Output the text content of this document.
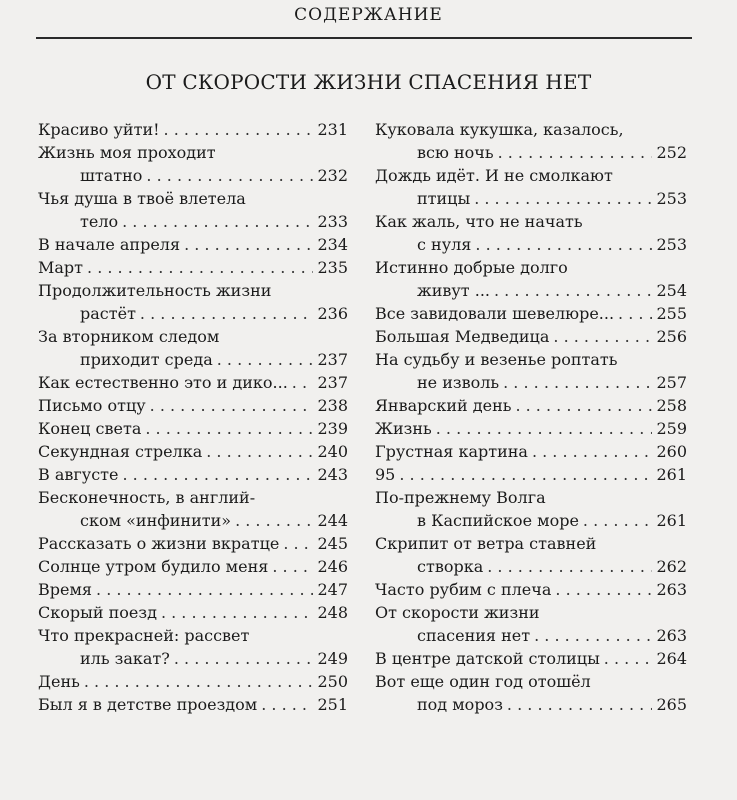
СОДЕРЖАНИЕ
ОТ СКОРОСТИ ЖИЗНИ СПАСЕНИЯ НЕТ
Красиво уйти! . . .	231
Жизнь моя проходит
штатно . . .	232
Чья душа в твоё влетела
тело . . .	233
В начале апреля . . .	234
Март . . .	235
Продолжительность жизни
растёт . . .	236
За вторником следом
приходит среда . . .	237
Как естественно это и дико... . . . 237
Письмо отцу . . .	238
Конец света . . .	239
Секундная стрелка . . .	240
В августе . . .	243
Бесконечность, в англий-
ском «инфинити» . . .	244
Рассказать о жизни вкратце . . . 245
Солнце утром будило меня . . .	246
Время . . .	247
Скорый поезд . . .	248
Что прекрасней: рассвет
иль закат? . . .	249
День . . .	250
Был я в детстве проездом . . .	251
Куковала кукушка, казалось,
всю ночь . . .	252
Дождь идёт. И не смолкают
птицы . . .	253
Как жаль, что не начать
с нуля . . .	253
Истинно добрые долго
живут ... . . .	254
Все завидовали шевелюре... . . .	255
Большая Медведица . . .	256
На судьбу и везенье роптать
не изволь . . .	257
Январский день . . .	258
Жизнь . . .	259
Грустная картина . . .	260
95 . . .	261
По-прежнему Волга
в Каспийское море . . .	261
Скрипит от ветра ставней
створка . . .	262
Часто рубим с плеча . . .	263
От скорости жизни
спасения нет . . .	263
В центре датской столицы . . .	264
Вот еще один год отошёл
под мороз . . .	265
